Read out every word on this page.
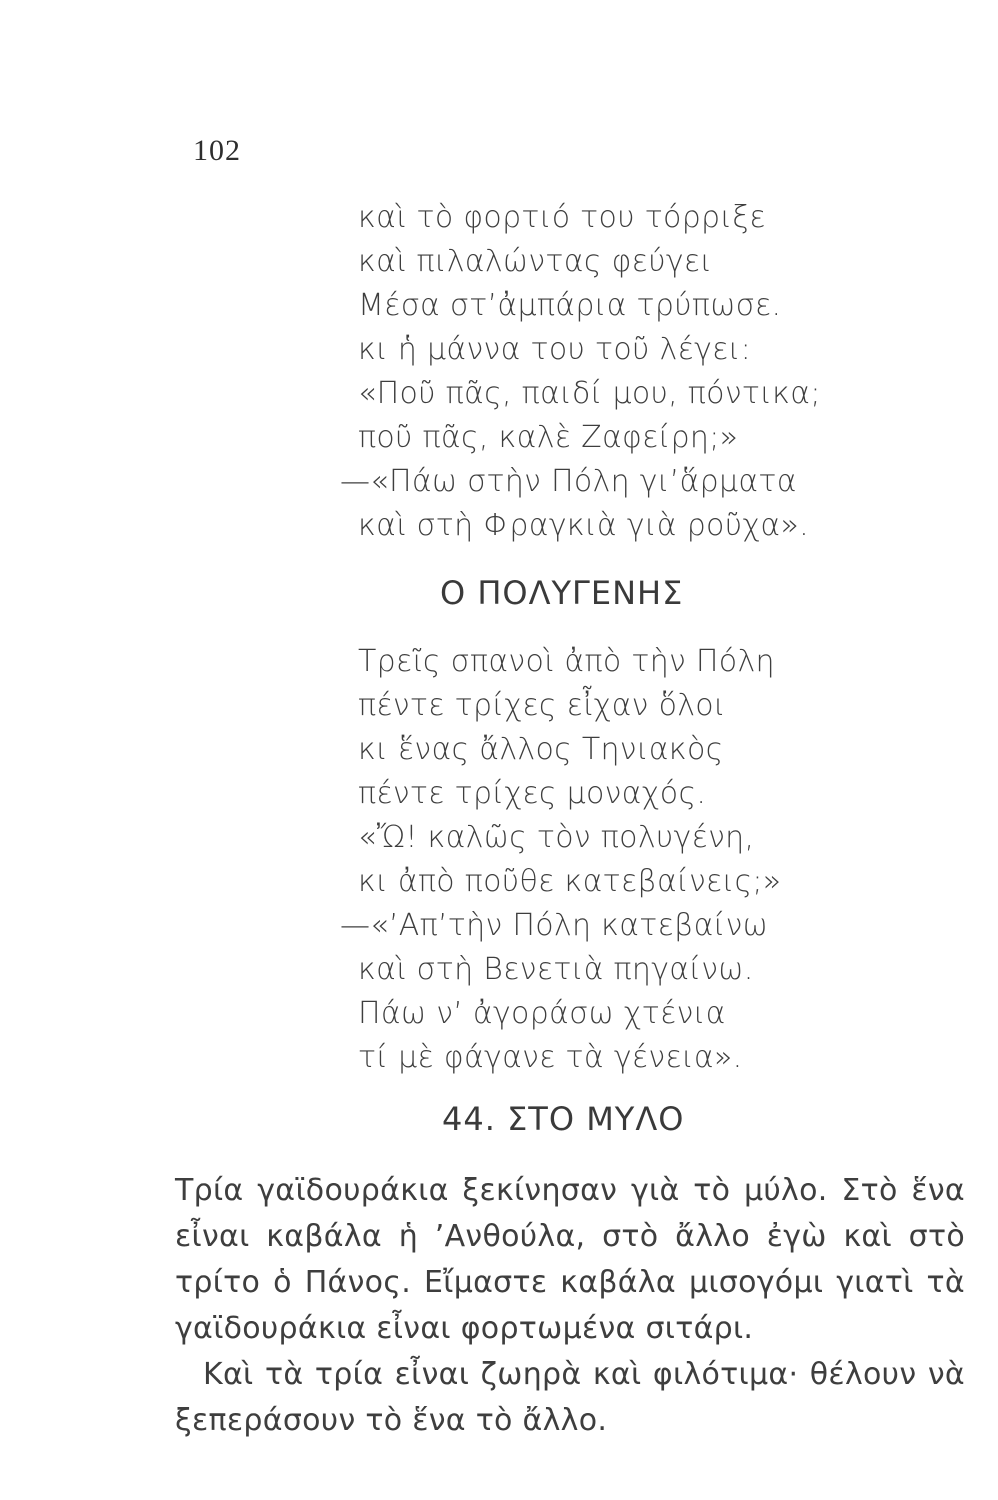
102
καὶ τὸ φορτιό του τόρριξε
καὶ πιλαλώντας φεύγει
Μέσα στ’ἀμπάρια τρύπωσε.
κι ἡ μάννα του τοῦ λέγει:
«Ποῦ πᾶς, παιδί μου, πόντικα;
ποῦ πᾶς, καλὲ Ζαφείρη;»
—«Πάω στὴν Πόλη γι’ἅρματα
καὶ στὴ Φραγκιὰ γιὰ ροῦχα».
Ο ΠΟΛΥΓΕΝΗΣ
Τρεῖς σπανοὶ ἀπὸ τὴν Πόλη
πέντε τρίχες εἶχαν ὅλοι
κι ἕνας ἄλλος Τηνιακὸς
πέντε τρίχες μοναχός.
«Ὤ! καλῶς τὸν πολυγένη,
κι ἀπὸ ποῦθε κατεβαίνεις;»
—«’Απ’τὴν Πόλη κατεβαίνω
καὶ στὴ Βενετιὰ πηγαίνω.
Πάω ν’ ἀγοράσω χτένια
τί μὲ φάγανε τὰ γένεια».
44. ΣΤΟ ΜΥΛΟ

Τρία γαϊδουράκια ξεκίνησαν γιὰ τὸ μύλο. Στὸ ἕνα εἶναι καβάλα ἡ ’Ανθούλα, στὸ ἄλλο ἐγὼ καὶ στὸ τρίτο ὁ Πάνος. Εἴμαστε καβάλα μισογόμι γιατὶ τὰ γαϊδουράκια εἶναι φορτωμένα σιτάρι.

Καὶ τὰ τρία εἶναι ζωηρὰ καὶ φιλότιμα· θέλουν νὰ ξεπεράσουν τὸ ἕνα τὸ ἄλλο.
